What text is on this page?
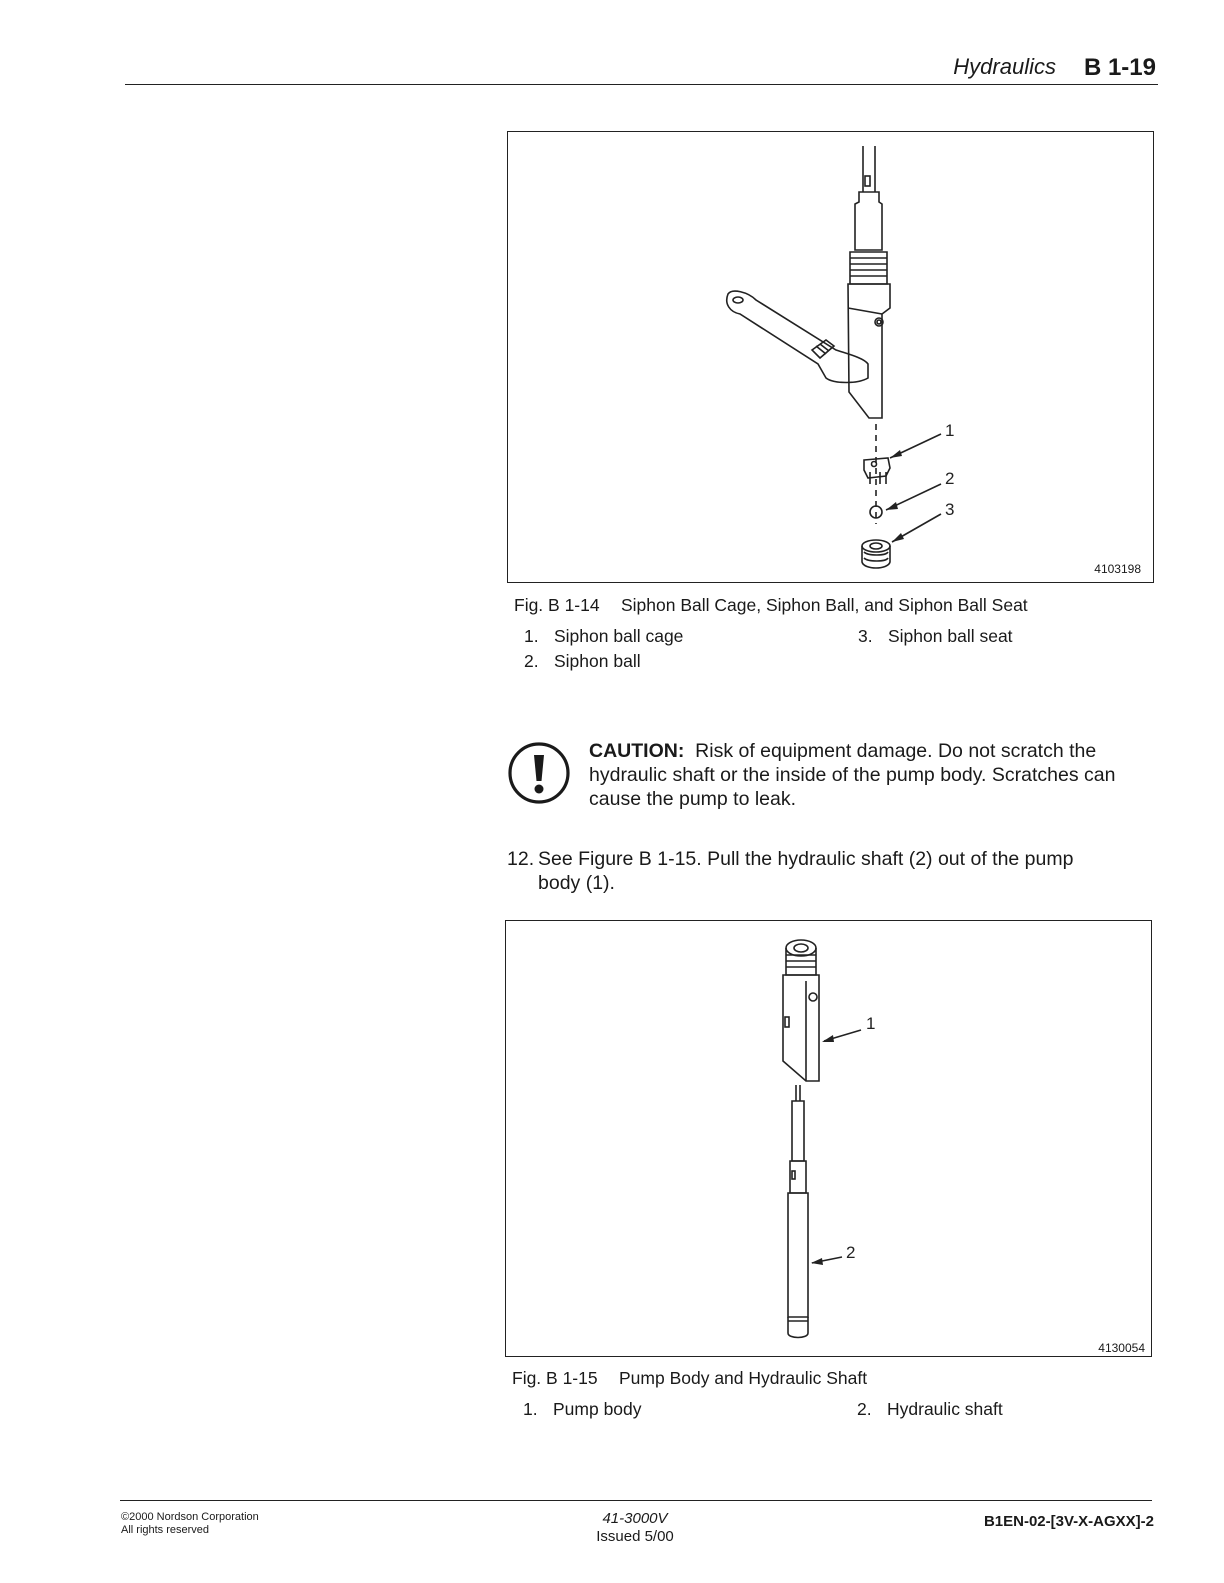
Hydraulics B 1-19
1
2
3
4103198
Fig. B 1-14 Siphon Ball Cage, Siphon Ball, and Siphon Ball Seat
1. Siphon ball cage
2. Siphon ball
3. Siphon ball seat
CAUTION: Risk of equipment damage. Do not scratch the hydraulic shaft or the inside of the pump body. Scratches can cause the pump to leak.
12. See Figure B 1-15. Pull the hydraulic shaft (2) out of the pump body (1).
1
2
4130054
Fig. B 1-15 Pump Body and Hydraulic Shaft
1. Pump body	2. Hydraulic shaft
©2000 Nordson Corporation
All rights reserved
41-3000V
Issued 5/00
B1EN-02-[3V-X-AGXX]-2
